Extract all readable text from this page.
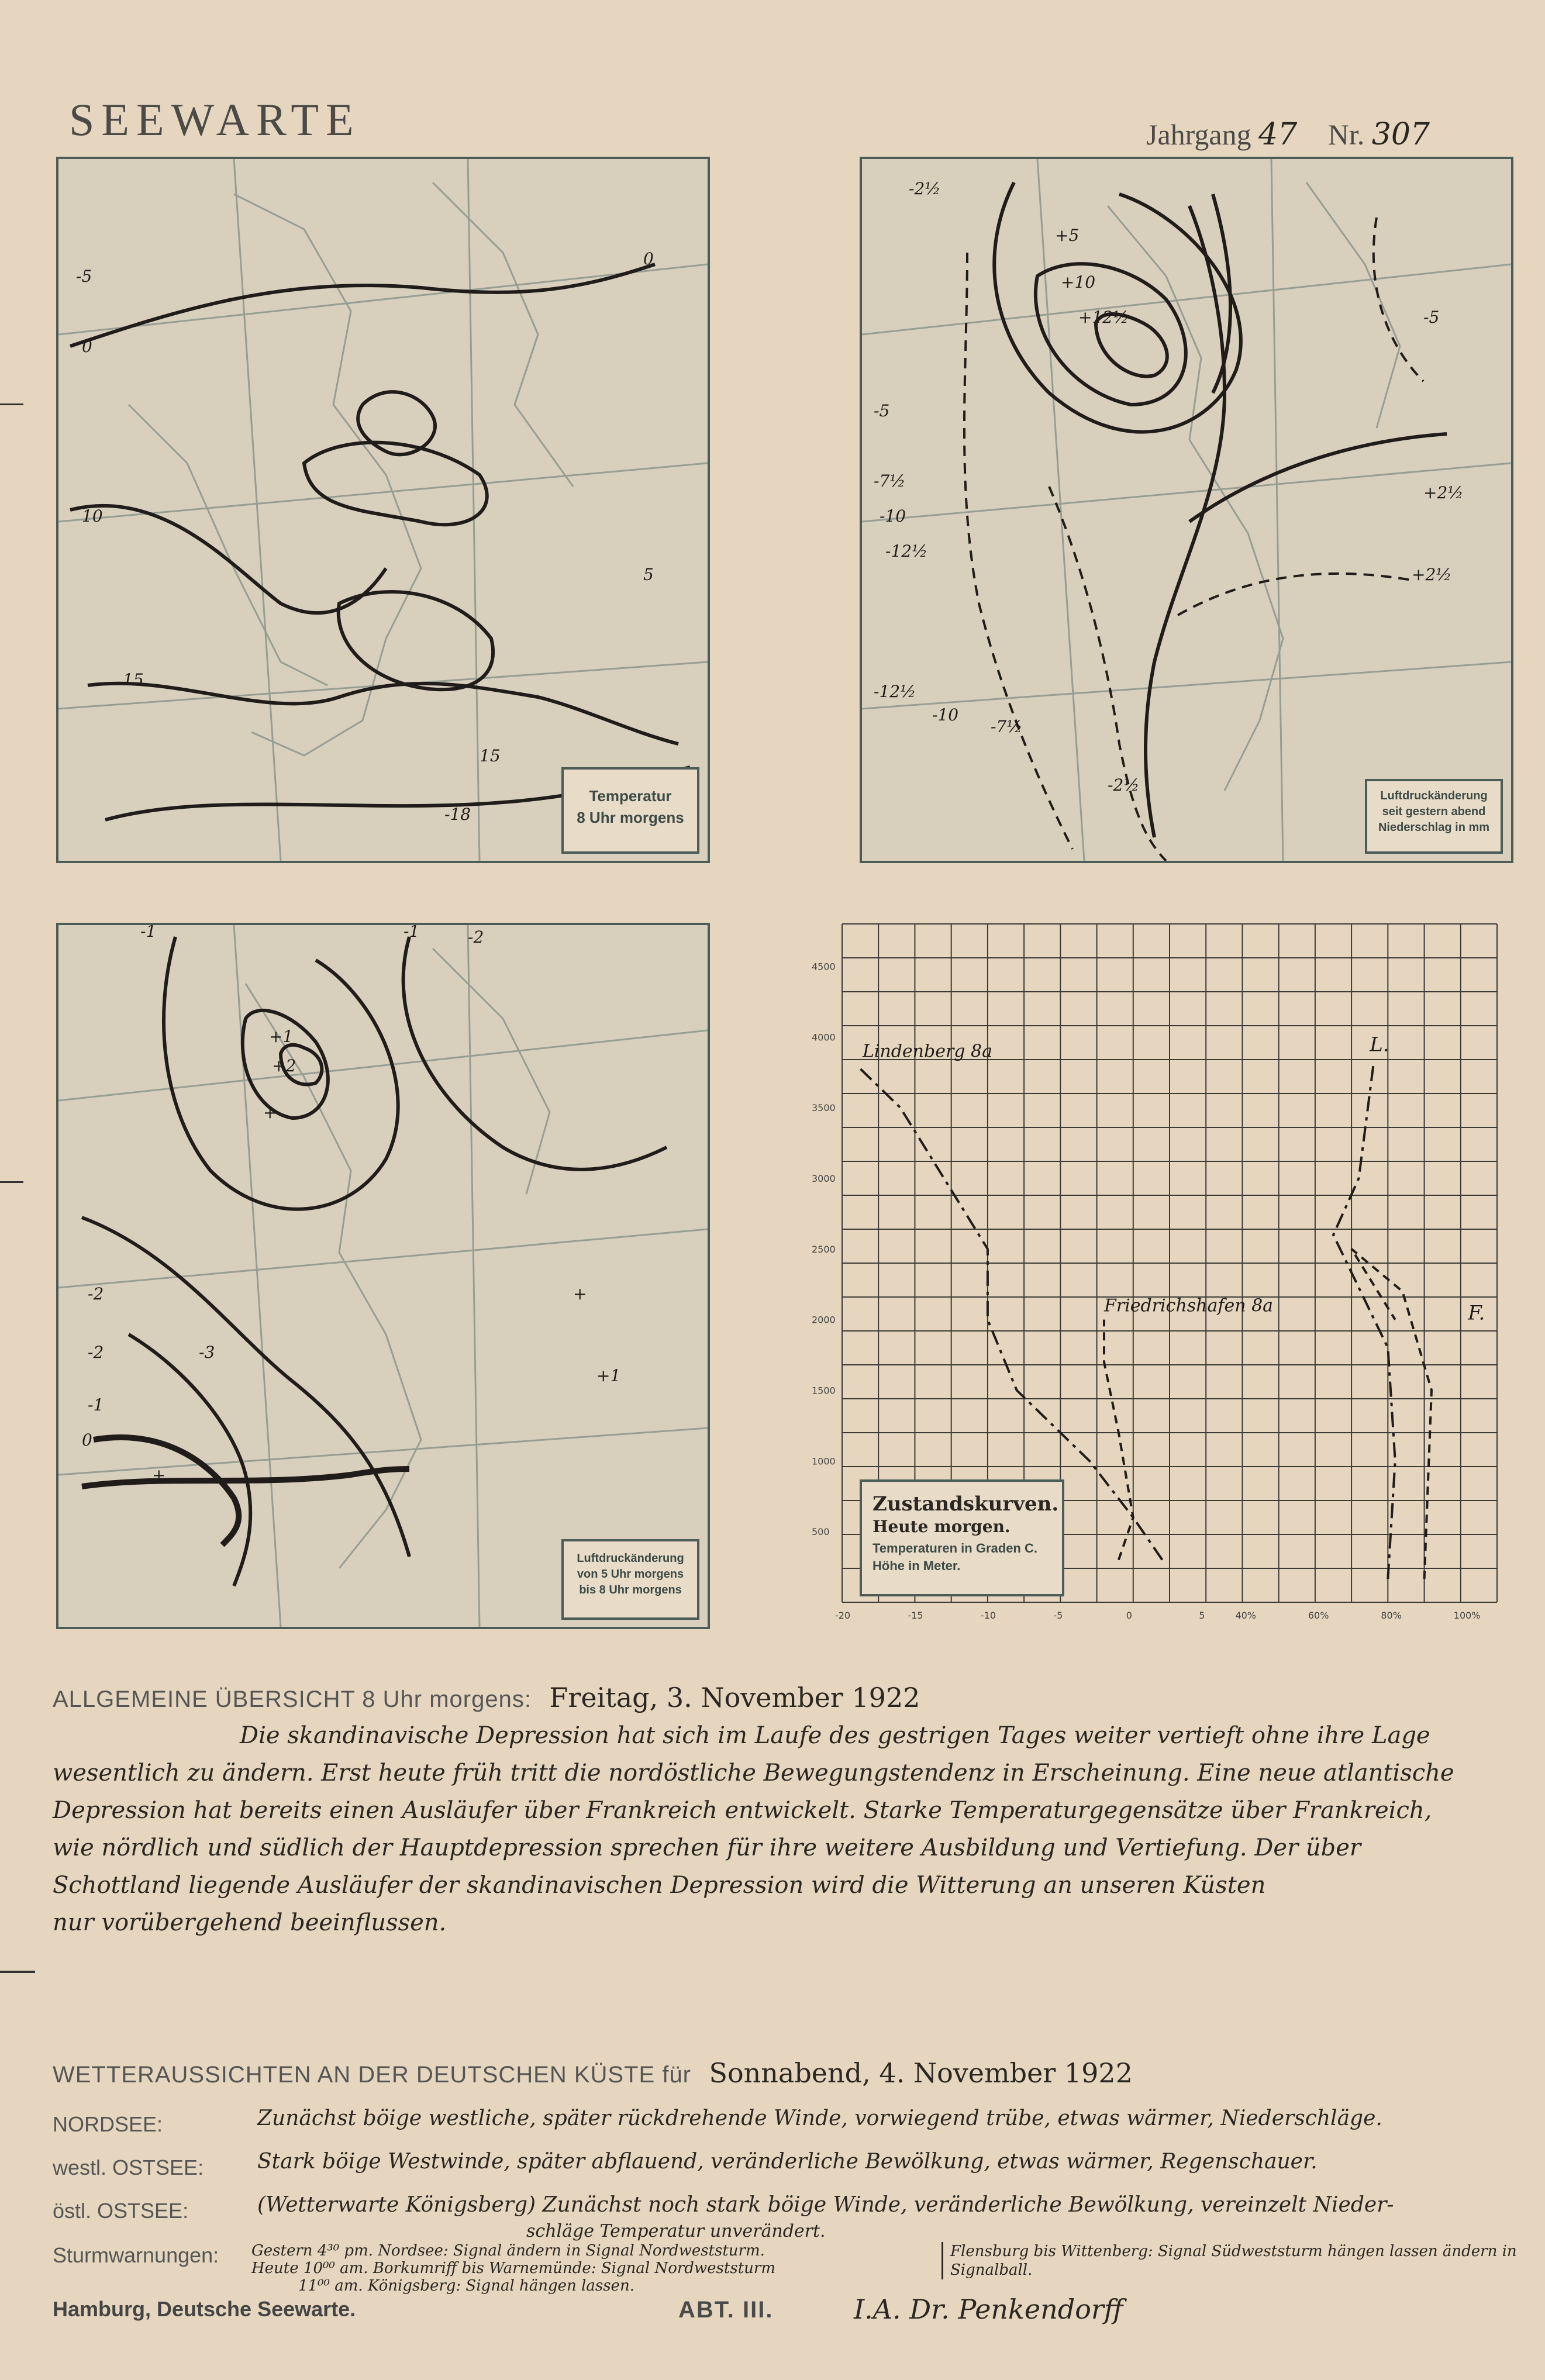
SEEWARTE	Jahrgang 47 Nr. 307
0
-5
10
15
0
5
15
-18
Temperatur
8 Uhr morgens
-2½
+5
+10
+12½
-5
-7½
-10
-12½
-12½
-10
-7½
-2½
+2½
+2½
-5
Luftdruckänderung
seit gestern abend
Niederschlag in mm
-1	-1	-2
+1
+2
+
-2
-2
-1
0
+1
+
+
-3
Luftdruckänderung
von 5 Uhr morgens
bis 8 Uhr morgens
-20	-15	-10	-5	0	5	40%	60%	80%	100%
500
1000
1500
2000
2500
3000
3500
4000
4500
Lindenberg 8a
Friedrichshafen 8a
L.
F.
Zustandskurven.
Heute morgen.
Temperaturen in Graden C.
Höhe in Meter.
ALLGEMEINE ÜBERSICHT 8 Uhr morgens: Freitag, 3. November 1922
Die skandinavische Depression hat sich im Laufe des gestrigen Tages weiter vertieft ohne ihre Lage
wesentlich zu ändern. Erst heute früh tritt die nordöstliche Bewegungstendenz in Erscheinung. Eine neue atlantische
Depression hat bereits einen Ausläufer über Frankreich entwickelt. Starke Temperaturgegensätze über Frankreich,
wie nördlich und südlich der Hauptdepression sprechen für ihre weitere Ausbildung und Vertiefung. Der über
Schottland liegende Ausläufer der skandinavischen Depression wird die Witterung an unseren Küsten
nur vorübergehend beeinflussen.
WETTERAUSSICHTEN AN DER DEUTSCHEN KÜSTE für Sonnabend, 4. November 1922
NORDSEE:	Zunächst böige westliche, später rückdrehende Winde, vorwiegend trübe, etwas wärmer, Niederschläge.
westl. OSTSEE:	Stark böige Westwinde, später abflauend, veränderliche Bewölkung, etwas wärmer, Regenschauer.
östl. OSTSEE:	(Wetterwarte Königsberg) Zunächst noch stark böige Winde, veränderliche Bewölkung, vereinzelt Nieder-
schläge Temperatur unverändert.
Sturmwarnungen: Gestern 4³⁰ pm. Nordsee: Signal ändern in Signal Nordweststurm.
Heute 10⁰⁰ am. Borkumriff bis Warnemünde: Signal Nordweststurm
11⁰⁰ am. Königsberg: Signal hängen lassen.
Flensburg bis Wittenberg: Signal Südweststurm hängen lassen ändern in Signalball.
Hamburg, Deutsche Seewarte.	ABT. III.	I.A. Dr. Penkendorff
